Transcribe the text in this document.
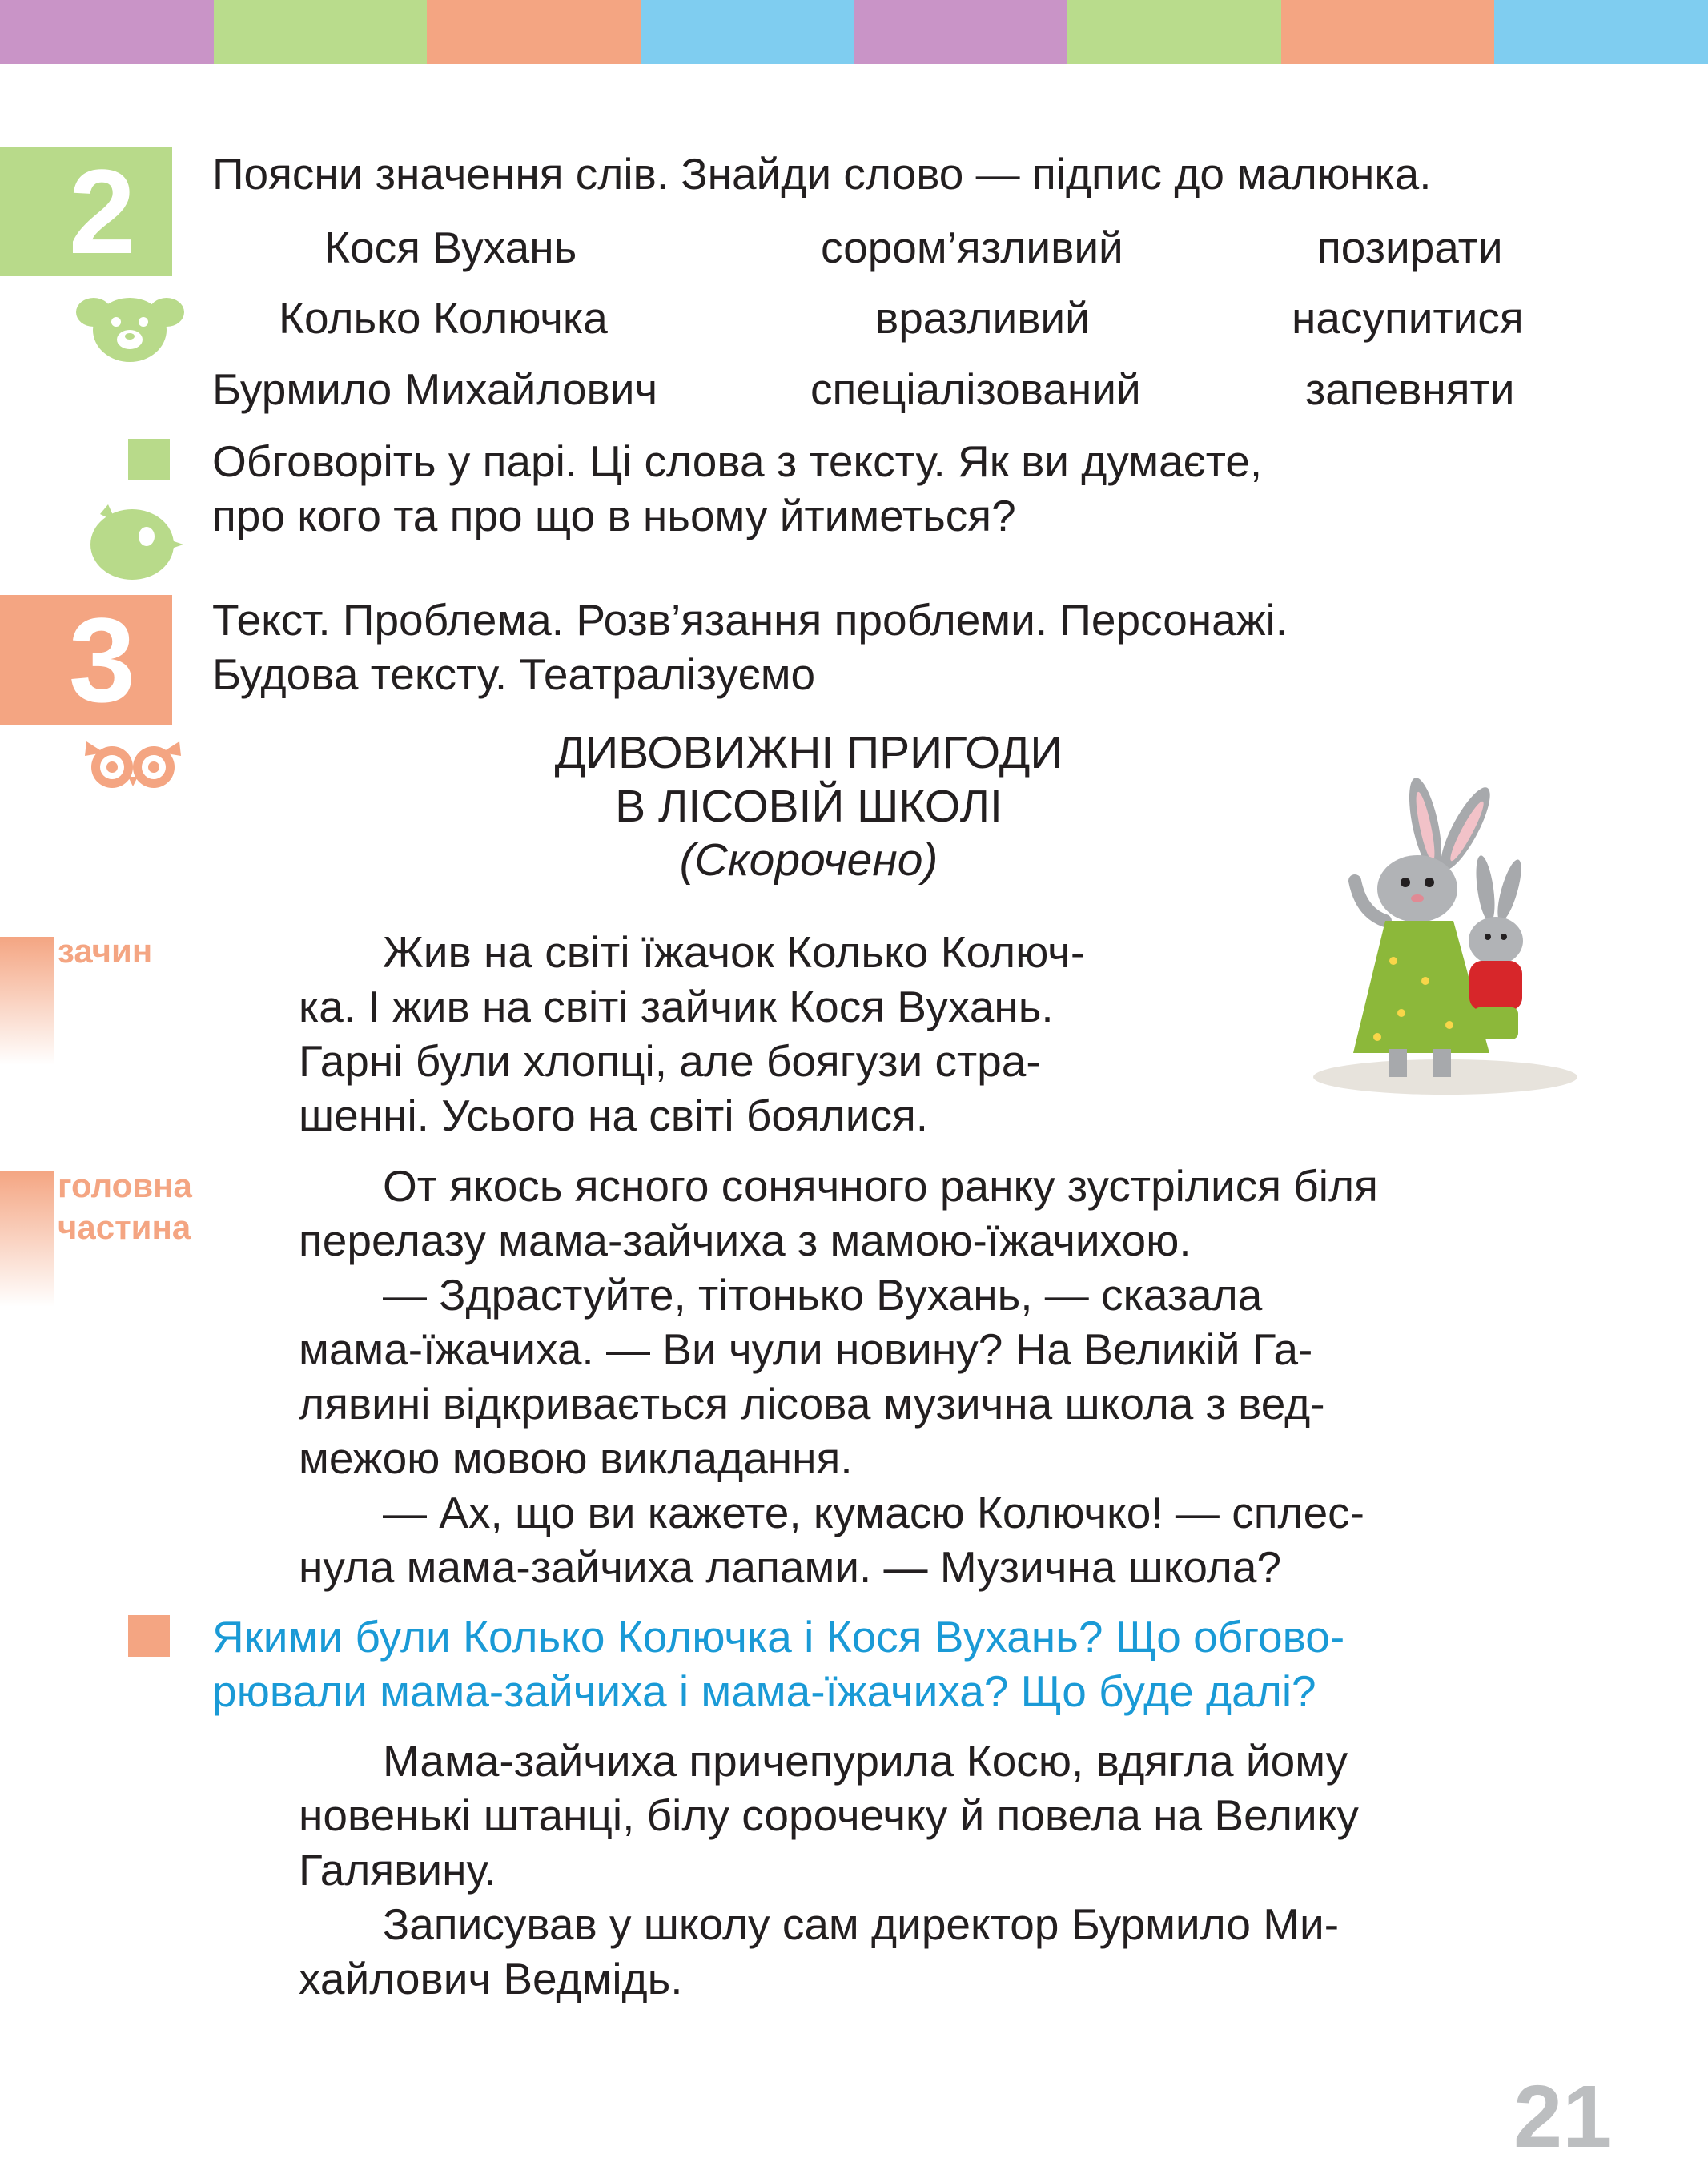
2	Поясни значення слів. Знайди слово — підпис до малюнка.

Кося Вухань	сором’язливий	позирати

Колько Колючка	вразливий	насупитися

Бурмило Михайлович	спеціалізований	запевняти

Обговоріть у парі. Ці слова з тексту. Як ви думаєте,

про кого та про що в ньому йтиметься?

3	Текст. Проблема. Розв’язання проблеми. Персонажі.

Будова тексту. Театралізуємо

ДИВОВИЖНІ ПРИГОДИ
В ЛІСОВІЙ ШКОЛІ
(Скорочено)
зачин
головна
частина

Жив на світі їжачок Колько Колюч-

ка. І жив на світі зайчик Кося Вухань.

Гарні були хлопці, але боягузи стра-

шенні. Усього на світі боялися.

От якось ясного сонячного ранку зустрілися біля

перелазу мама-зайчиха з мамою-їжачихою.

— Здрастуйте, тітонько Вухань, — сказала

мама-їжачиха. — Ви чули новину? На Великій Га-

лявині відкривається лісова музична школа з вед-

межою мовою викладання.

— Ах, що ви кажете, кумасю Колючко! — сплес-

нула мама-зайчиха лапами. — Музична школа?

Якими були Колько Колючка і Кося Вухань? Що обгово-

рювали мама-зайчиха і мама-їжачиха? Що буде далі?

Мама-зайчиха причепурила Косю, вдягла йому

новенькі штанці, білу сорочечку й повела на Велику

Галявину.

Записував у школу сам директор Бурмило Ми-

хайлович Ведмідь.

21
